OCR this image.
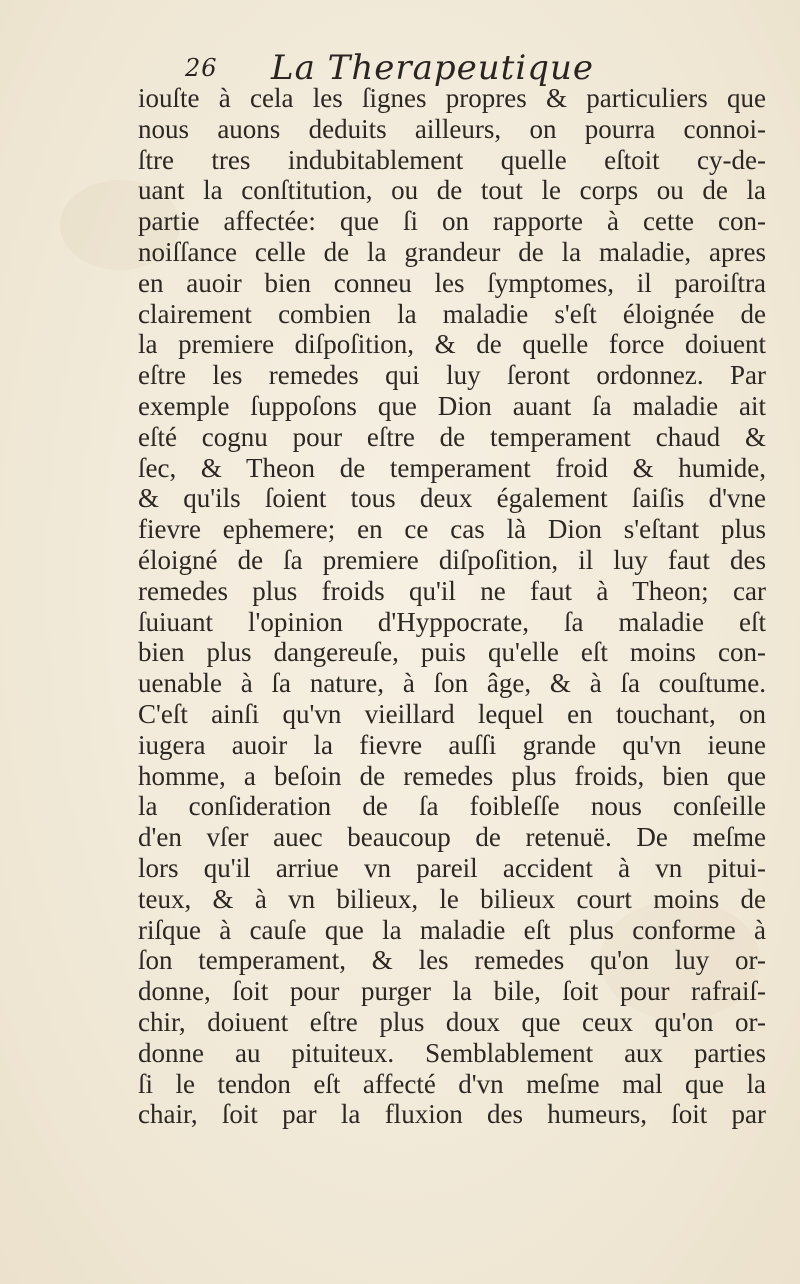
26 La Therapeutique
iouſte à cela les ſignes propres & particuliers que
nous auons deduits ailleurs, on pourra connoi-
ſtre tres indubitablement quelle eſtoit cy-de-
uant la conſtitution, ou de tout le corps ou de la
partie affectée: que ſi on rapporte à cette con-
noiſſance celle de la grandeur de la maladie, apres
en auoir bien conneu les ſymptomes, il paroiſtra
clairement combien la maladie s'eſt éloignée de
la premiere diſpoſition, & de quelle force doiuent
eſtre les remedes qui luy ſeront ordonnez. Par
exemple ſuppoſons que Dion auant ſa maladie ait
eſté cognu pour eſtre de temperament chaud &
ſec, & Theon de temperament froid & humide,
& qu'ils ſoient tous deux également ſaiſis d'vne
fievre ephemere; en ce cas là Dion s'eſtant plus
éloigné de ſa premiere diſpoſition, il luy faut des
remedes plus froids qu'il ne faut à Theon; car
ſuiuant l'opinion d'Hyppocrate, ſa maladie eſt
bien plus dangereuſe, puis qu'elle eſt moins con-
uenable à ſa nature, à ſon âge, & à ſa couſtume.
C'eſt ainſi qu'vn vieillard lequel en touchant, on
iugera auoir la fievre auſſi grande qu'vn ieune
homme, a beſoin de remedes plus froids, bien que
la conſideration de ſa foibleſſe nous conſeille
d'en vſer auec beaucoup de retenuë. De meſme
lors qu'il arriue vn pareil accident à vn pitui-
teux, & à vn bilieux, le bilieux court moins de
riſque à cauſe que la maladie eſt plus conforme à
ſon temperament, & les remedes qu'on luy or-
donne, ſoit pour purger la bile, ſoit pour rafraiſ-
chir, doiuent eſtre plus doux que ceux qu'on or-
donne au pituiteux. Semblablement aux parties
ſi le tendon eſt affecté d'vn meſme mal que la
chair, ſoit par la fluxion des humeurs, ſoit par
